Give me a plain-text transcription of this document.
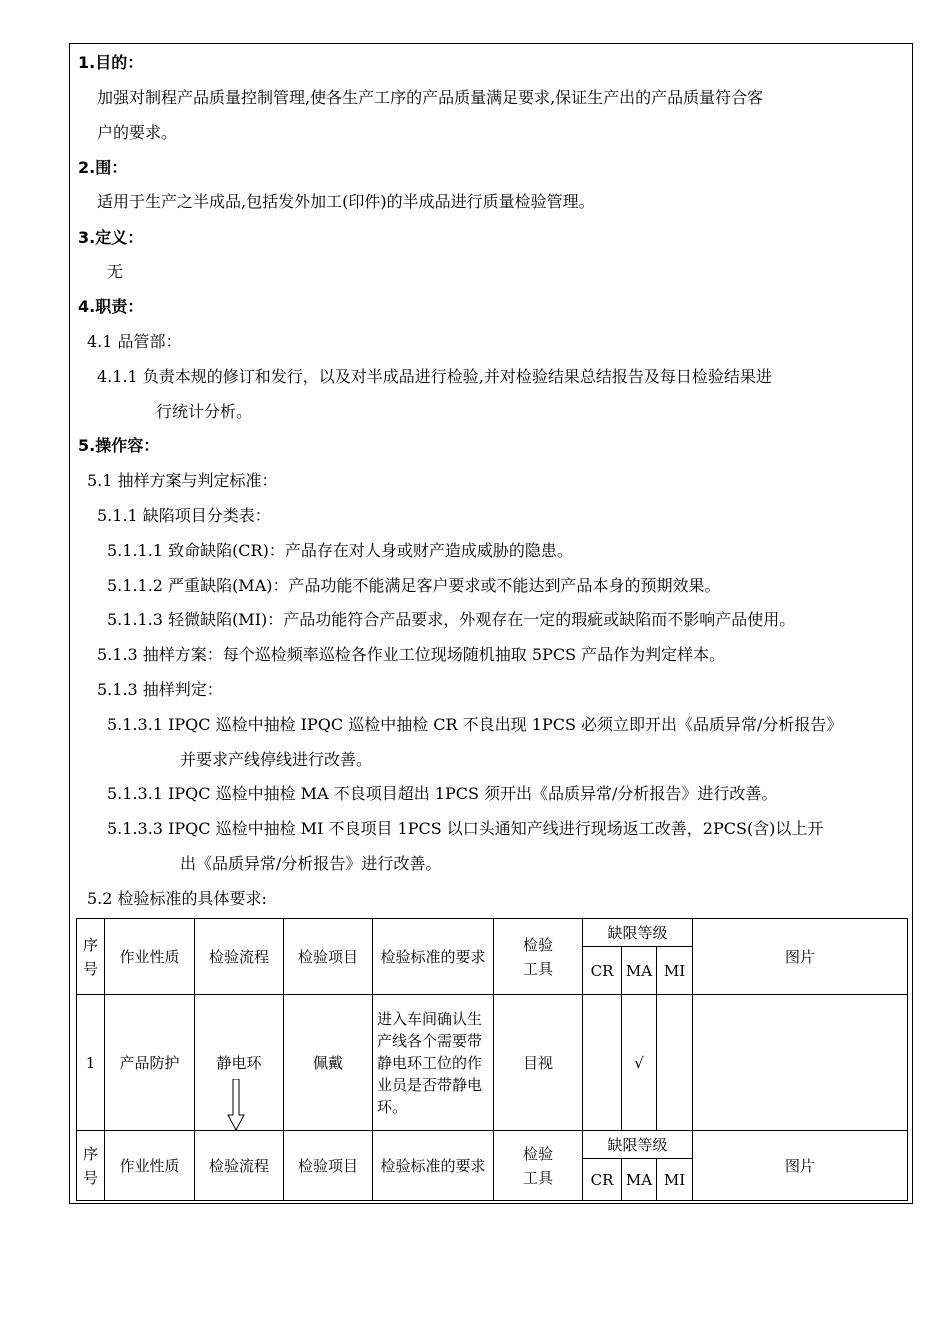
1.目的：
加强对制程产品质量控制管理,使各生产工序的产品质量满足要求,保证生产出的产品质量符合客
户的要求。
2.围：
适用于生产之半成品,包括发外加工(印件)的半成品进行质量检验管理。
3.定义：
无
4.职责：
4.1 品管部：
4.1.1 负责本规的修订和发行，以及对半成品进行检验,并对检验结果总结报告及每日检验结果进
行统计分析。
5.操作容：
5.1 抽样方案与判定标准：
5.1.1 缺陷项目分类表：
5.1.1.1 致命缺陷(CR)：产品存在对人身或财产造成威胁的隐患。
5.1.1.2 严重缺陷(MA)：产品功能不能满足客户要求或不能达到产品本身的预期效果。
5.1.1.3 轻微缺陷(MI)：产品功能符合产品要求，外观存在一定的瑕疵或缺陷而不影响产品使用。
5.1.3 抽样方案：每个巡检频率巡检各作业工位现场随机抽取 5PCS 产品作为判定样本。
5.1.3 抽样判定：
5.1.3.1 IPQC 巡检中抽检 IPQC 巡检中抽检 CR 不良出现 1PCS 必须立即开出《品质异常/分析报告》
并要求产线停线进行改善。
5.1.3.1 IPQC 巡检中抽检 MA 不良项目超出 1PCS 须开出《品质异常/分析报告》进行改善。
5.1.3.3 IPQC 巡检中抽检 MI 不良项目 1PCS 以口头通知产线进行现场返工改善，2PCS(含)以上开
出《品质异常/分析报告》进行改善。
5.2 检验标准的具体要求:
序号	作业性质	检验流程	检验项目	检验标准的要求	检验工具	缺限等级			图片
						CR	MA	MI	
1	产品防护	静电环	佩戴	进入车间确认生产线各个需要带静电环工位的作业员是否带静电环。	目视		√		
序号	作业性质	检验流程	检验项目	检验标准的要求	检验工具	缺限等级			图片
						CR	MA	MI	
